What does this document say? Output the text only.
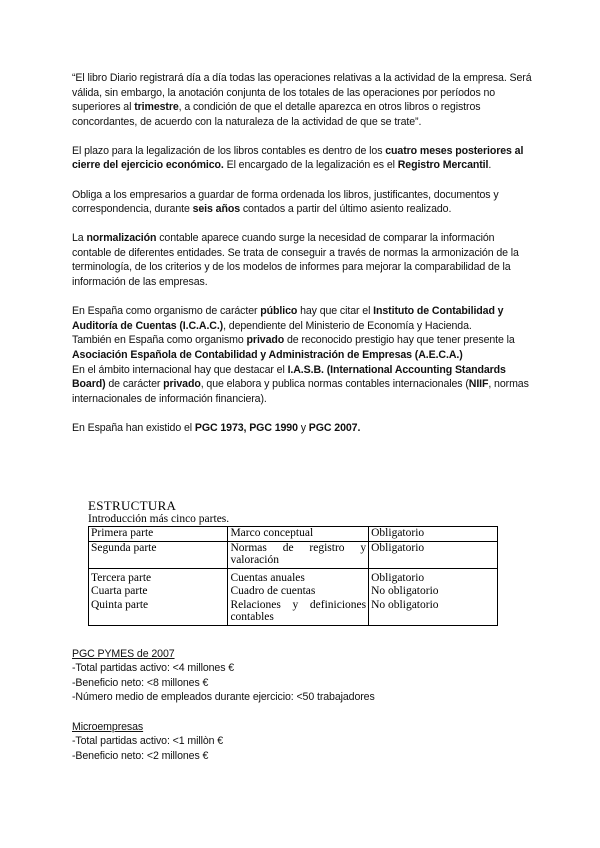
“El libro Diario registrará día a día todas las operaciones relativas a la actividad de la empresa. Será válida, sin embargo, la anotación conjunta de los totales de las operaciones por períodos no superiores al trimestre, a condición de que el detalle aparezca en otros libros o registros concordantes, de acuerdo con la naturaleza de la actividad de que se trate”.

El plazo para la legalización de los libros contables es dentro de los cuatro meses posteriores al cierre del ejercicio económico. El encargado de la legalización es el Registro Mercantil.

Obliga a los empresarios a guardar de forma ordenada los libros, justificantes, documentos y correspondencia, durante seis años contados a partir del último asiento realizado.

La normalización contable aparece cuando surge la necesidad de comparar la información contable de diferentes entidades. Se trata de conseguir a través de normas la armonización de la terminología, de los criterios y de los modelos de informes para mejorar la comparabilidad de la información de las empresas.

En España como organismo de carácter público hay que citar el Instituto de Contabilidad y Auditoría de Cuentas (I.C.A.C.), dependiente del Ministerio de Economía y Hacienda.
También en España como organismo privado de reconocido prestigio hay que tener presente la Asociación Española de Contabilidad y Administración de Empresas (A.E.C.A.)
En el ámbito internacional hay que destacar el I.A.S.B. (International Accounting Standards Board) de carácter privado, que elabora y publica normas contables internacionales (NIIF, normas internacionales de información financiera).

En España han existido el PGC 1973, PGC 1990 y PGC 2007.

ESTRUCTURA
Introducción más cinco partes.
Primera parte	Marco conceptual	Obligatorio
Segunda parte	Normas de registro y valoración	Obligatorio
Tercera parte	Cuentas anuales	Obligatorio
Cuarta parte	Cuadro de cuentas	No obligatorio
Quinta parte	Relaciones y definiciones contables	No obligatorio

PGC PYMES de 2007

-Total partidas activo: <4 millones €

-Beneficio neto: <8 millones €

-Número medio de empleados durante ejercicio: <50 trabajadores

Microempresas

-Total partidas activo: <1 millòn €

-Beneficio neto: <2 millones €
